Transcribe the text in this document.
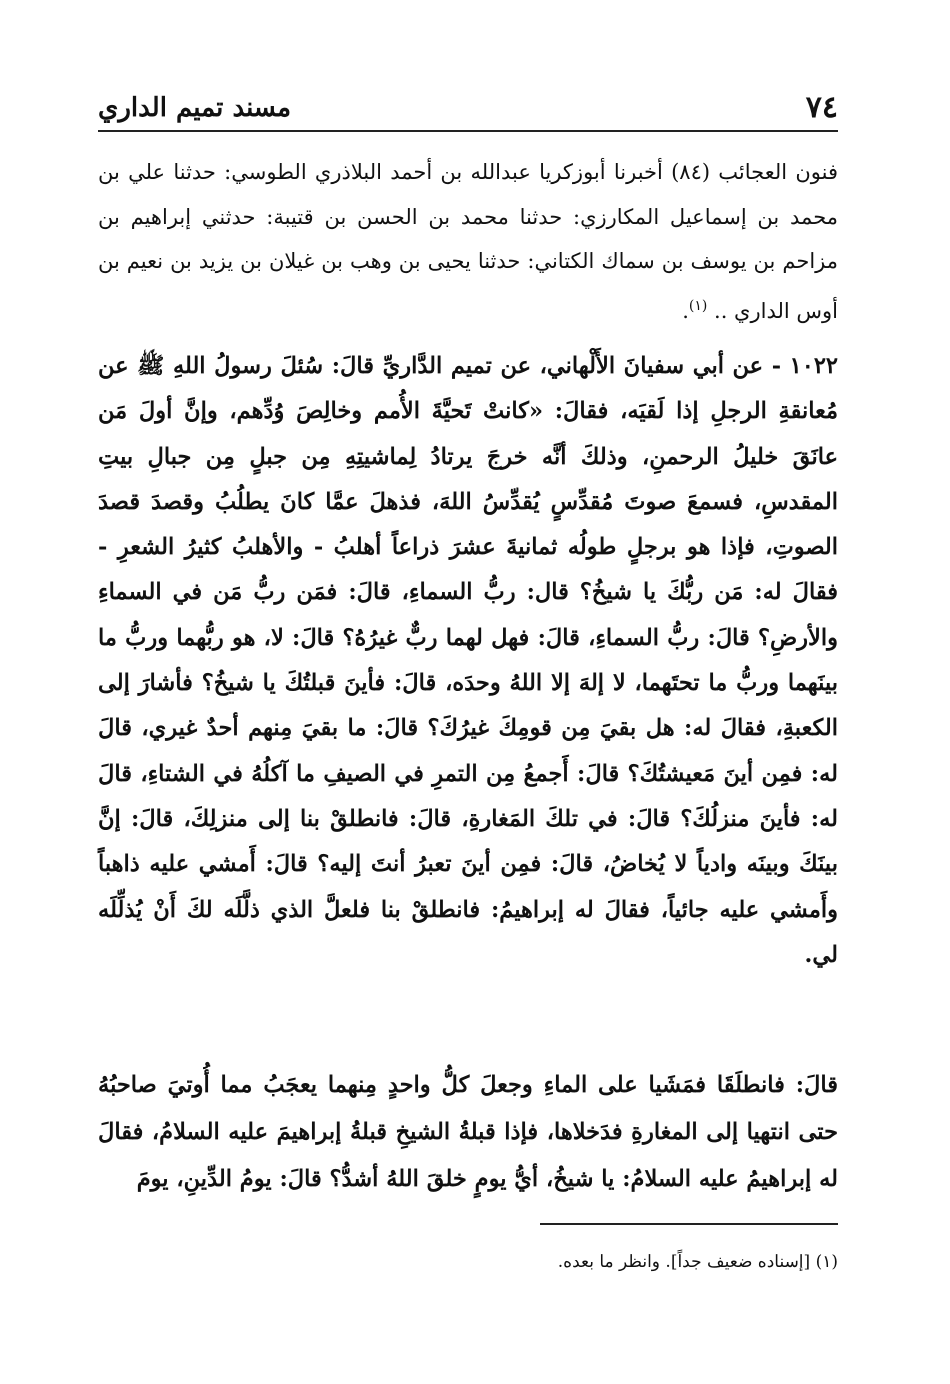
٧٤
مسند تميم الداري

فنون العجائب (٨٤) أخبرنا أبوزكريا عبدالله بن أحمد البلاذري الطوسي: حدثنا علي بن محمد بن إسماعيل المكارزي: حدثنا محمد بن الحسن بن قتيبة: حدثني إبراهيم بن مزاحم بن يوسف بن سماك الكتاني: حدثنا يحيى بن وهب بن غيلان بن يزيد بن نعيم بن أوس الداري .. $^{(١)}$.

١٠٢٢ - عن أبي سفيانَ الأَلْهاني، عن تميم الدَّاريِّ قالَ: سُئلَ رسولُ اللهِ ﷺ عن مُعانقةِ الرجلِ إذا لَقيَه، فقالَ: «كانتْ تَحيَّةَ الأُمم وخالِصَ وُدِّهم، وإنَّ أولَ مَن عانَقَ خليلُ الرحمنِ، وذلكَ أنَّه خرجَ يرتادُ لِماشيتِهِ مِن جبلٍ مِن جبالِ بيتِ المقدسِ، فسمعَ صوتَ مُقدِّسٍ يُقدِّسُ اللهَ، فذهلَ عمَّا كانَ يطلُبُ وقصدَ قصدَ الصوتِ، فإذا هو برجلٍ طولُه ثمانيةَ عشرَ ذراعاً أهلبُ - والأهلبُ كثيرُ الشعرِ - فقالَ له: مَن ربُّكَ يا شيخُ؟ قال: ربُّ السماءِ، قالَ: فمَن ربُّ مَن في السماءِ والأرضِ؟ قالَ: ربُّ السماءِ، قالَ: فهل لهما ربٌّ غيرُهُ؟ قالَ: لا، هو ربُّهما وربُّ ما بينَهما وربُّ ما تحتَهما، لا إلهَ إلا اللهُ وحدَه، قالَ: فأينَ قبلتُكَ يا شيخُ؟ فأشارَ إلى الكعبةِ، فقالَ له: هل بقيَ مِن قومِكَ غيرُكَ؟ قالَ: ما بقيَ مِنهم أحدٌ غيري، قالَ له: فمِن أينَ مَعيشتُكَ؟ قالَ: أَجمعُ مِن التمرِ في الصيفِ ما آكلُهُ في الشتاءِ، قالَ له: فأينَ منزلُكَ؟ قالَ: في تلكَ المَغارةِ، قالَ: فانطلقْ بنا إلى منزلِكَ، قالَ: إنَّ بينَكَ وبينَه وادياً لا يُخاضُ، قالَ: فمِن أينَ تعبرُ أنتَ إليه؟ قالَ: أَمشي عليه ذاهباً وأَمشي عليه جائياً، فقالَ له إبراهيمُ: فانطلقْ بنا فلعلَّ الذي ذلَّلَه لكَ أَنْ يُذلِّلَه لي.

قالَ: فانطلَقَا فمَشَيا على الماءِ وجعلَ كلُّ واحدٍ مِنهما يعجَبُ مما أُوتيَ صاحبُهُ حتى انتهيا إلى المغارةِ فدَخلاها، فإذا قبلةُ الشيخِ قبلةُ إبراهيمَ عليه السلامُ، فقالَ له إبراهيمُ عليه السلامُ: يا شيخُ، أيُّ يومٍ خلقَ اللهُ أشدُّ؟ قالَ: يومُ الدِّينِ، يومَ

(١) [إسناده ضعيف جداً]. وانظر ما بعده.
